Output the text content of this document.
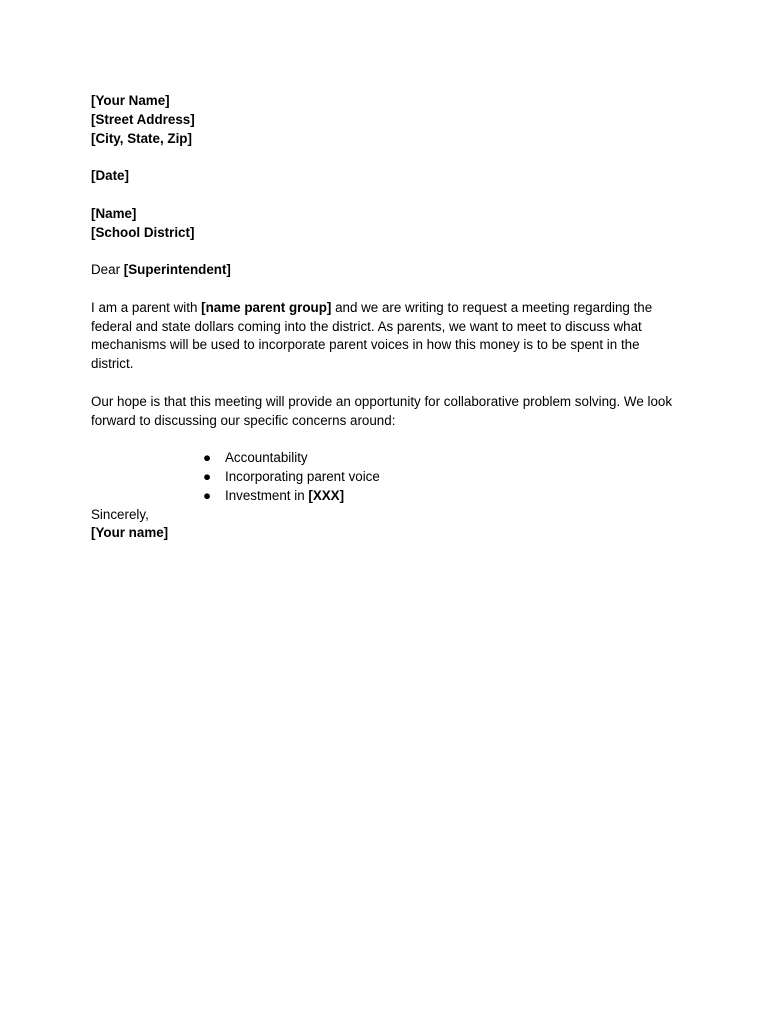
[Your Name]
[Street Address]
[City, State, Zip]
[Date]
[Name]
[School District]
Dear [Superintendent]

I am a parent with [name parent group] and we are writing to request a meeting regarding the federal and state dollars coming into the district. As parents, we want to meet to discuss what mechanisms will be used to incorporate parent voices in how this money is to be spent in the district.

Our hope is that this meeting will provide an opportunity for collaborative problem solving. We look forward to discussing our specific concerns around:

● Accountability
● Incorporating parent voice
● Investment in [XXX]
Sincerely,
[Your name]
